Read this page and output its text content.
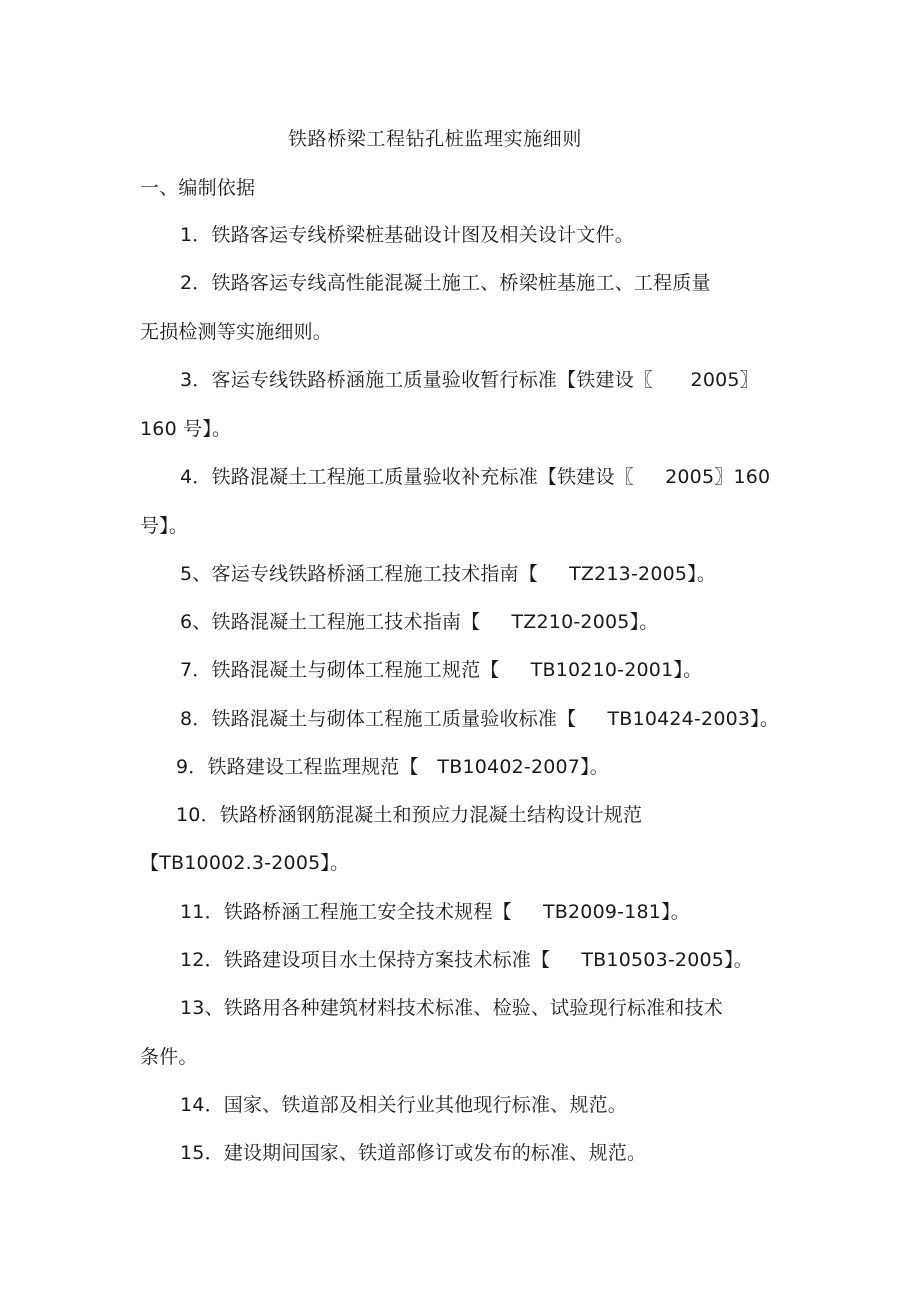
铁路桥梁工程钻孔桩监理实施细则
一、编制依据
1．铁路客运专线桥梁桩基础设计图及相关设计文件。
2．铁路客运专线高性能混凝土施工、桥梁桩基施工、工程质量
无损检测等实施细则。
3．客运专线铁路桥涵施工质量验收暂行标准【铁建设〖      2005〗
160 号】。
4．铁路混凝土工程施工质量验收补充标准【铁建设〖     2005〗160
号】。
5、客运专线铁路桥涵工程施工技术指南【     TZ213-2005】。
6、铁路混凝土工程施工技术指南【     TZ210-2005】。
7．铁路混凝土与砌体工程施工规范【     TB10210-2001】。
8．铁路混凝土与砌体工程施工质量验收标准【     TB10424-2003】。
9．铁路建设工程监理规范【   TB10402-2007】。
10．铁路桥涵钢筋混凝土和预应力混凝土结构设计规范
【TB10002.3-2005】。
11．铁路桥涵工程施工安全技术规程【     TB2009-181】。
12．铁路建设项目水土保持方案技术标准【     TB10503-2005】。
13、铁路用各种建筑材料技术标准、检验、试验现行标准和技术
条件。
14．国家、铁道部及相关行业其他现行标准、规范。
15．建设期间国家、铁道部修订或发布的标准、规范。
